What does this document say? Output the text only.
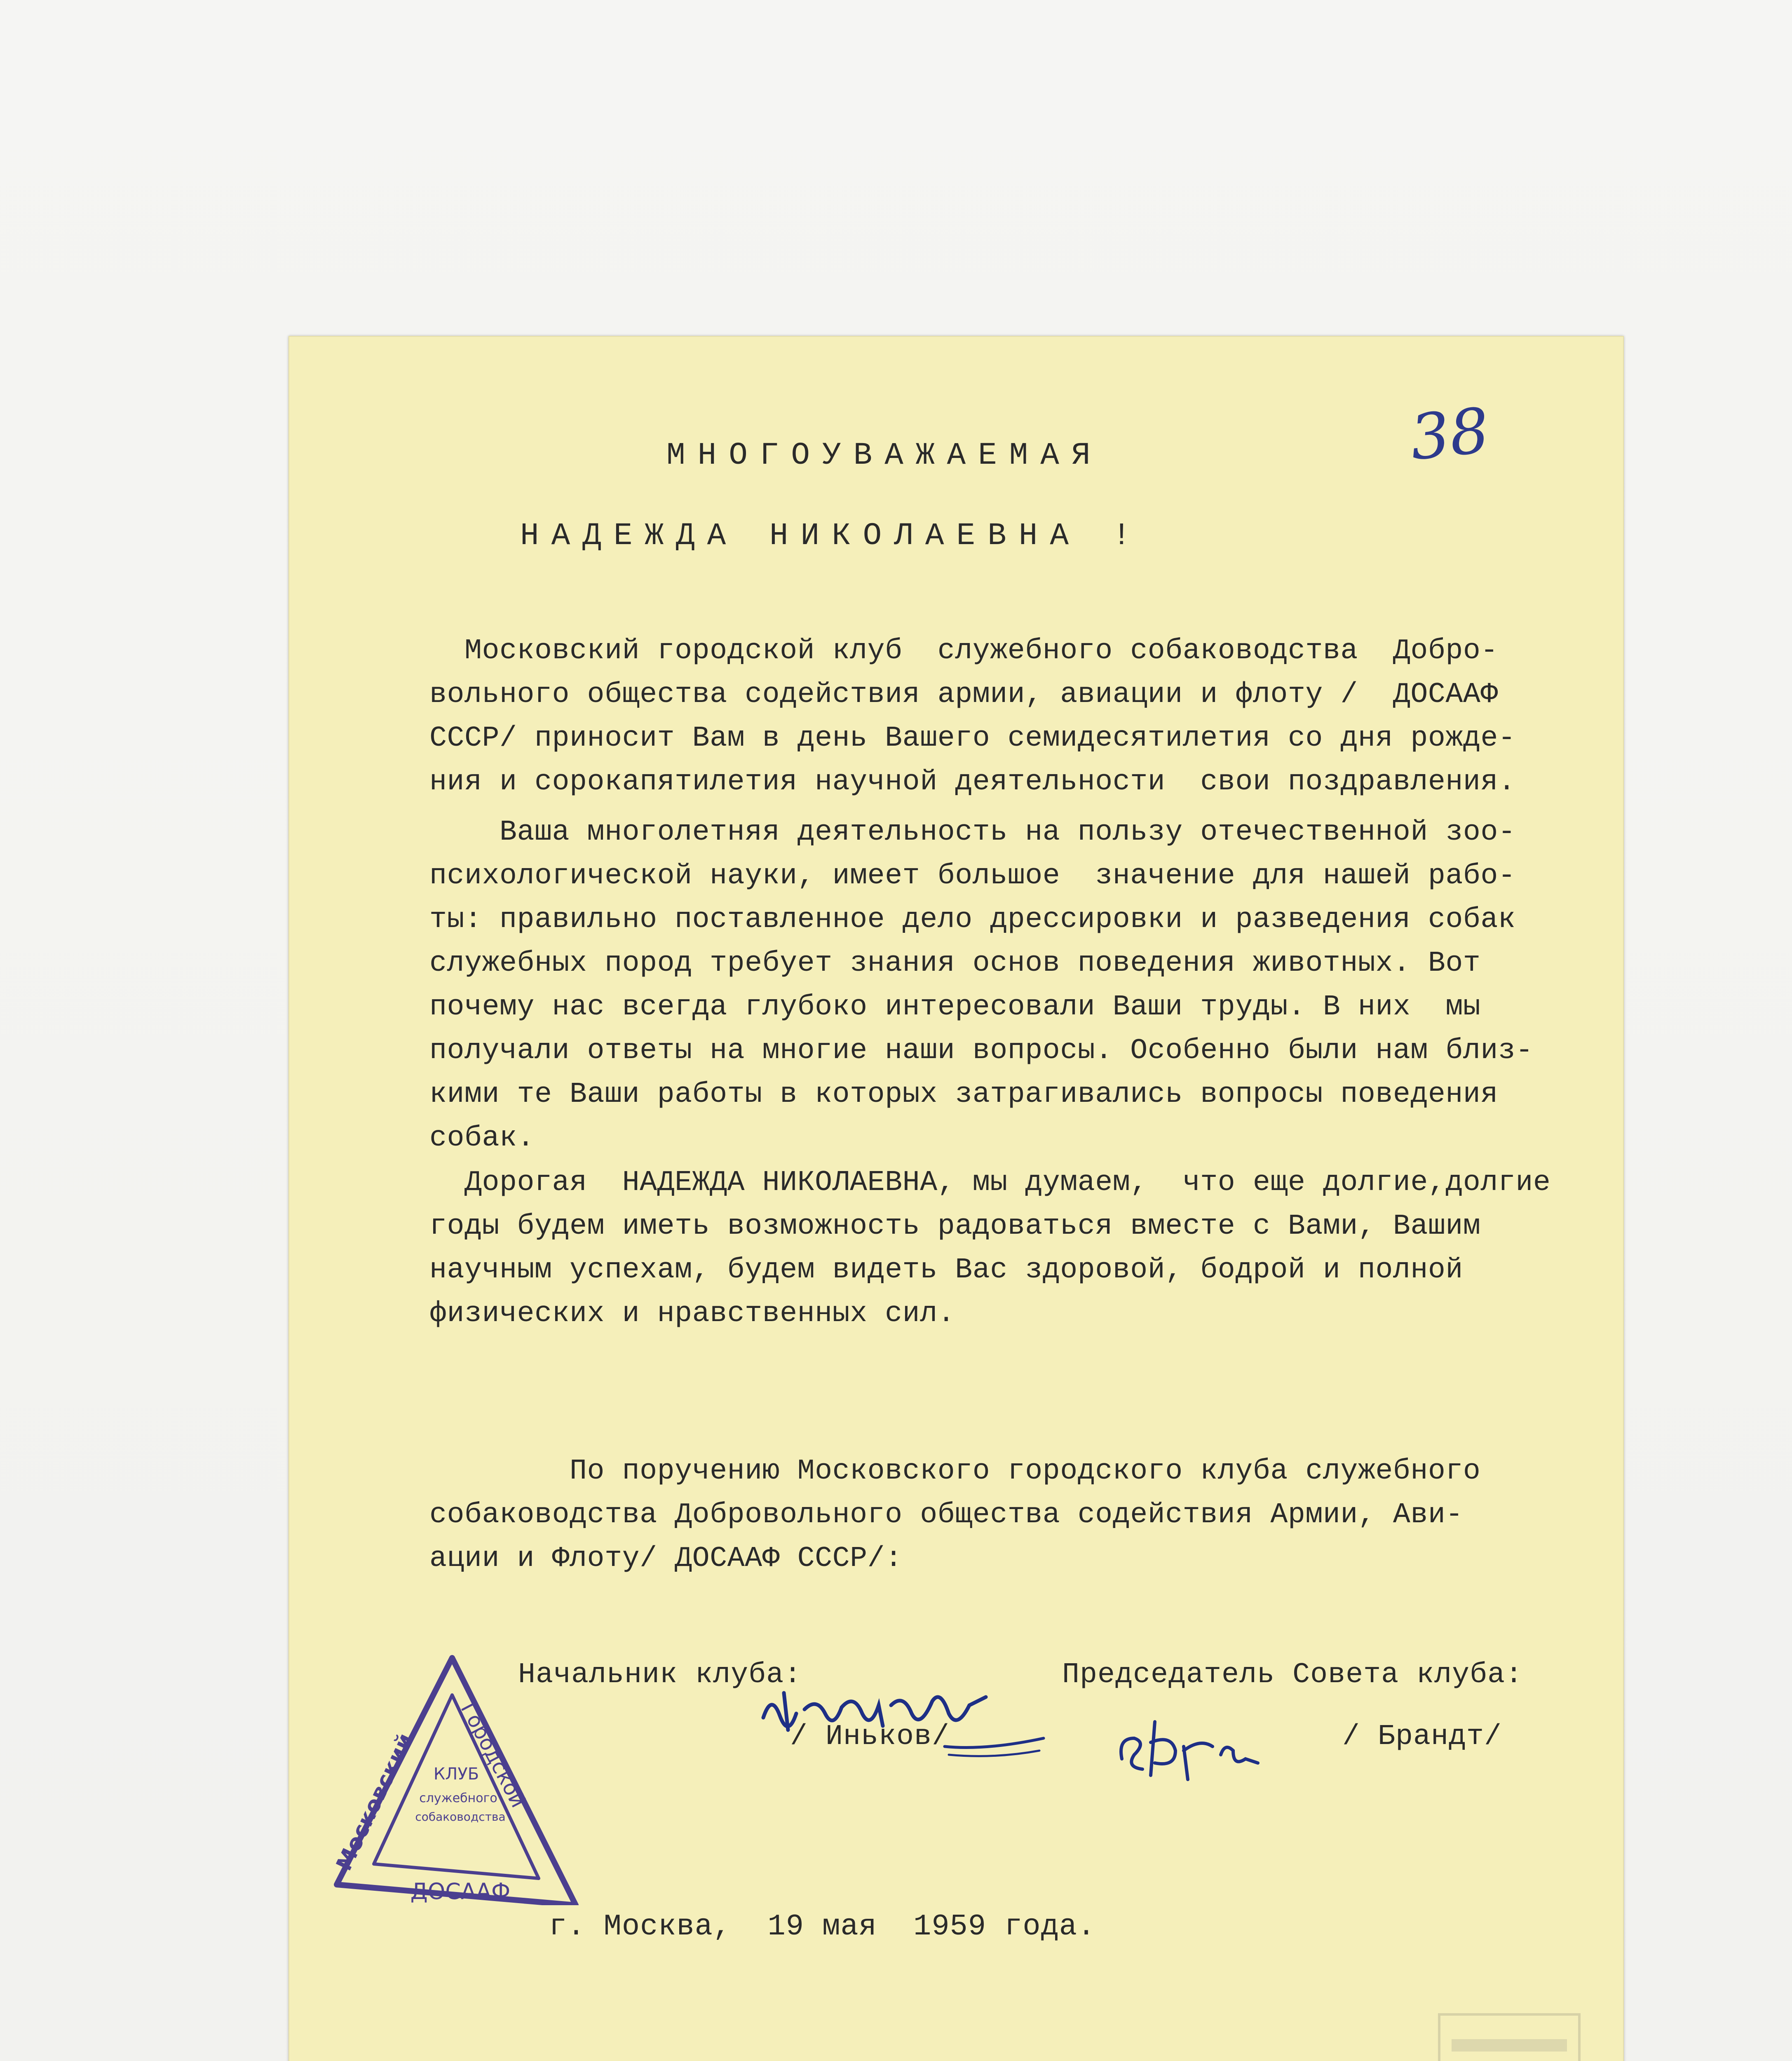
38
МНОГОУВАЖАЕМАЯ
НАДЕЖДА НИКОЛАЕВНА !
Московский городской клуб  служебного собаководства  Добро-
вольного общества содействия армии, авиации и флоту /  ДОСААФ
СССР/ приносит Вам в день Вашего семидесятилетия со дня рожде-
ния и сорокапятилетия научной деятельности  свои поздравления.
Ваша многолетняя деятельность на пользу отечественной зоо-
психологической науки, имеет большое  значение для нашей рабо-
ты: правильно поставленное дело дрессировки и разведения собак
служебных пород требует знания основ поведения животных. Вот
почему нас всегда глубоко интересовали Ваши труды. В них  мы
получали ответы на многие наши вопросы. Особенно были нам близ-
кими те Ваши работы в которых затрагивались вопросы поведения
собак.
Дорогая  НАДЕЖДА НИКОЛАЕВНА, мы думаем,  что еще долгие,долгие
годы будем иметь возможность радоваться вместе с Вами, Вашим
научным успехам, будем видеть Вас здоровой, бодрой и полной
физических и нравственных сил.
По поручению Московского городского клуба служебного
собаководства Добровольного общества содействия Армии, Ави-
ации и Флоту/ ДОСААФ СССР/:
Начальник клуба:
/ Иньков/
Председатель Совета клуба:
/ Брандт/
Московский
Городской
КЛУБ
служебного
собаководства
ДОСААФ
г. Москва,  19 мая  1959 года.
